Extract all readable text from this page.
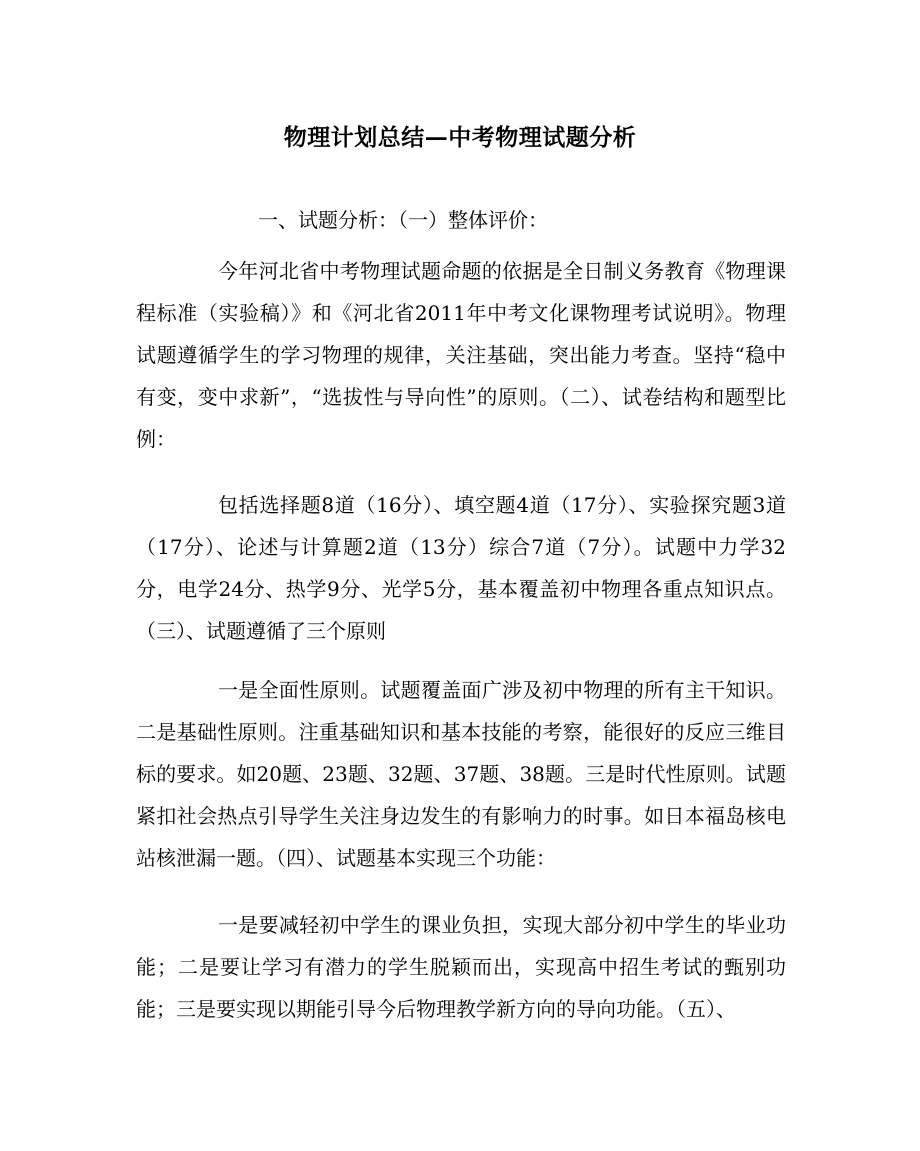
物理计划总结—中考物理试题分析
一、试题分析：（一）整体评价：

今年河北省中考物理试题命题的依据是全日制义务教育《物理课程标准（实验稿）》和《河北省2011年中考文化课物理考试说明》。物理试题遵循学生的学习物理的规律，关注基础，突出能力考查。坚持“稳中有变，变中求新”，“选拔性与导向性”的原则。（二）、试卷结构和题型比例：

包括选择题8道（16分）、填空题4道（17分）、实验探究题3道（17分）、论述与计算题2道（13分）综合7道（7分）。试题中力学32分，电学24分、热学9分、光学5分，基本覆盖初中物理各重点知识点。（三）、试题遵循了三个原则

一是全面性原则。试题覆盖面广涉及初中物理的所有主干知识。二是基础性原则。注重基础知识和基本技能的考察，能很好的反应三维目标的要求。如20题、23题、32题、37题、38题。三是时代性原则。试题紧扣社会热点引导学生关注身边发生的有影响力的时事。如日本福岛核电站核泄漏一题。（四）、试题基本实现三个功能：

一是要减轻初中学生的课业负担，实现大部分初中学生的毕业功能；二是要让学习有潜力的学生脱颖而出，实现高中招生考试的甄别功能；三是要实现以期能引导今后物理教学新方向的导向功能。（五）、
